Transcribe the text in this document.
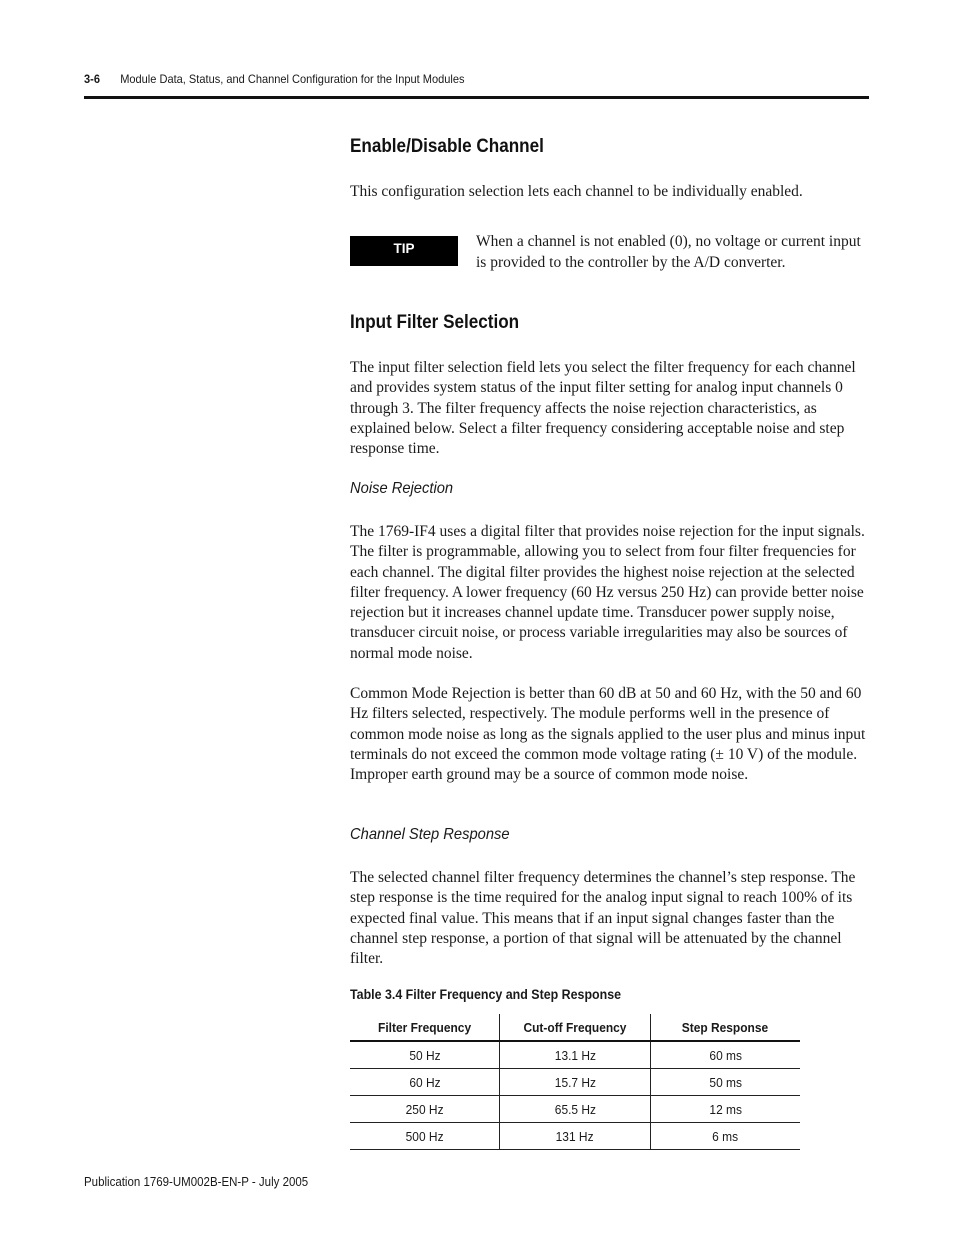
3-6 Module Data, Status, and Channel Configuration for the Input Modules
Enable/Disable Channel

This configuration selection lets each channel to be individually enabled.

TIP	When a channel is not enabled (0), no voltage or current input is provided to the controller by the A/D converter.

Input Filter Selection

The input filter selection field lets you select the filter frequency for each channel and provides system status of the input filter setting for analog input channels 0 through 3. The filter frequency affects the noise rejection characteristics, as explained below. Select a filter frequency considering acceptable noise and step response time.

Noise Rejection

The 1769-IF4 uses a digital filter that provides noise rejection for the input signals. The filter is programmable, allowing you to select from four filter frequencies for each channel. The digital filter provides the highest noise rejection at the selected filter frequency. A lower frequency (60 Hz versus 250 Hz) can provide better noise rejection but it increases channel update time. Transducer power supply noise, transducer circuit noise, or process variable irregularities may also be sources of normal mode noise.

Common Mode Rejection is better than 60 dB at 50 and 60 Hz, with the 50 and 60 Hz filters selected, respectively. The module performs well in the presence of common mode noise as long as the signals applied to the user plus and minus input terminals do not exceed the common mode voltage rating (± 10 V) of the module. Improper earth ground may be a source of common mode noise.

Channel Step Response

The selected channel filter frequency determines the channel’s step response. The step response is the time required for the analog input signal to reach 100% of its expected final value. This means that if an input signal changes faster than the channel step response, a portion of that signal will be attenuated by the channel filter.

Table 3.4 Filter Frequency and Step Response
Filter Frequency	Cut-off Frequency	Step Response
50 Hz	13.1 Hz	60 ms
60 Hz	15.7 Hz	50 ms
250 Hz	65.5 Hz	12 ms
500 Hz	131 Hz	6 ms
Publication 1769-UM002B-EN-P - July 2005
